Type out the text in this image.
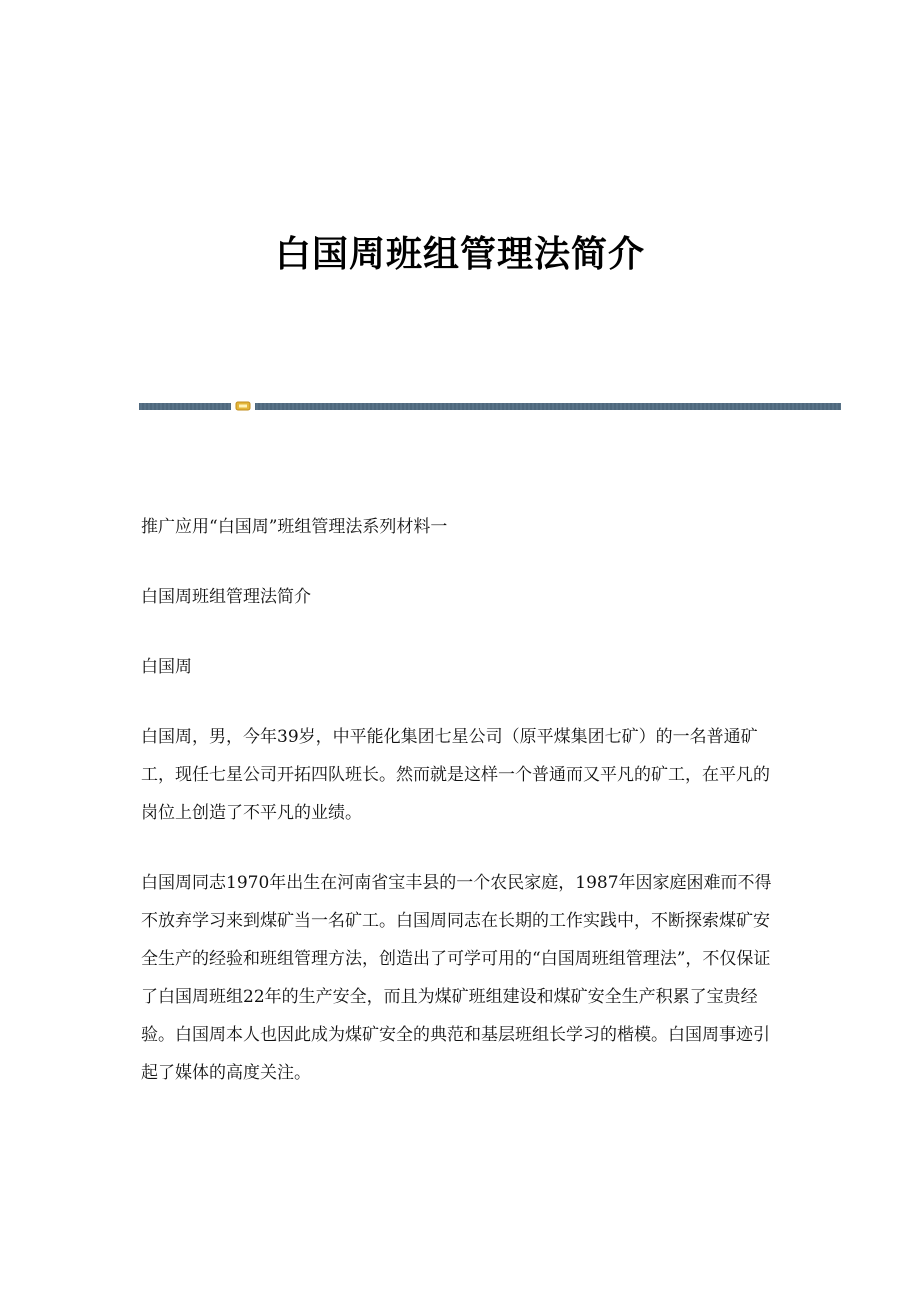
白国周班组管理法简介

推广应用“白国周”班组管理法系列材料一

白国周班组管理法简介

白国周

白国周，男，今年39岁，中平能化集团七星公司（原平煤集团七矿）的一名普通矿工，现任七星公司开拓四队班长。然而就是这样一个普通而又平凡的矿工，在平凡的岗位上创造了不平凡的业绩。

白国周同志1970年出生在河南省宝丰县的一个农民家庭，1987年因家庭困难而不得不放弃学习来到煤矿当一名矿工。白国周同志在长期的工作实践中，不断探索煤矿安全生产的经验和班组管理方法，创造出了可学可用的“白国周班组管理法”，不仅保证了白国周班组22年的生产安全，而且为煤矿班组建设和煤矿安全生产积累了宝贵经验。白国周本人也因此成为煤矿安全的典范和基层班组长学习的楷模。白国周事迹引起了媒体的高度关注。
